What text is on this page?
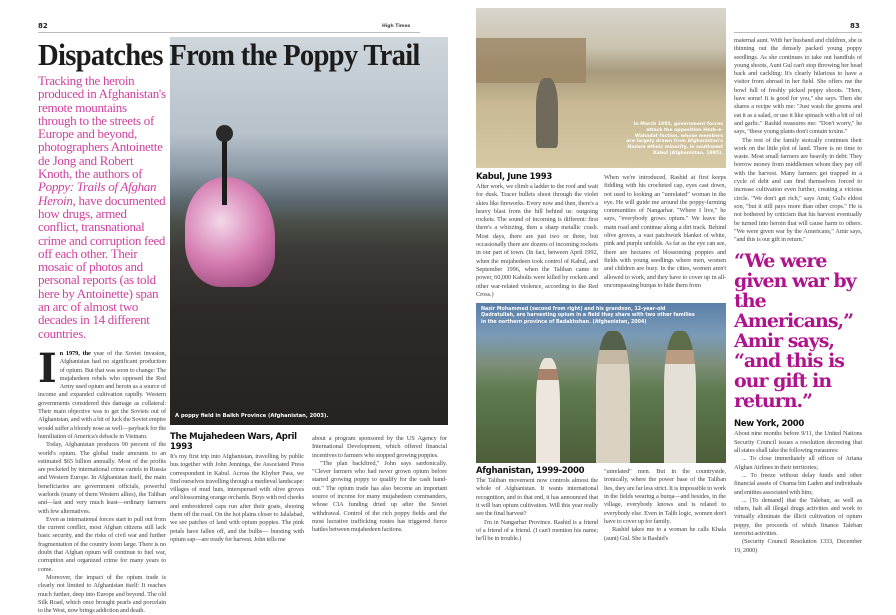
82	High Times
A poppy field in Balkh Province (Afghanistan, 2003).
Dispatches From the Poppy Trail
Tracking the heroin produced in Afghanistan's remote mountains through to the streets of Europe and beyond, photographers Antoinette de Jong and Robert Knoth, the authors of Poppy: Trails of Afghan Heroin, have documented how drugs, armed conflict, transnational crime and corruption feed off each other. Their mosaic of photos and personal reports (as told here by Antoinette) span an arc of almost two decades in 14 different countries.

In 1979, the year of the Soviet invasion, Afghanistan had no significant production of opium. But that was soon to change: The mujahedeen rebels who opposed the Red Army used opium and heroin as a source of income and expanded cultivation rapidly. Western governments considered this damage as collateral: Their main objective was to get the Soviets out of Afghanistan, and with a bit of luck the Soviet empire would suffer a bloody nose as well—payback for the humiliation of America's debacle in Vietnam.

Today, Afghanistan produces 90 percent of the world's opium. The global trade amounts to an estimated $65 billion annually. Most of the profits are pocketed by international crime cartels in Russia and Western Europe. In Afghanistan itself, the main beneficiaries are government officials, powerful warlords (many of them Western allies), the Taliban and—last and very much least—ordinary farmers with few alternatives.

Even as international forces start to pull out from the current conflict, most Afghan citizens still lack basic security, and the risks of civil war and further fragmentation of the country loom large. There is no doubt that Afghan opium will continue to fuel war, corruption and organized crime for many years to come.

Moreover, the impact of the opium trade is clearly not limited to Afghanistan itself: It reaches much further, deep into Europe and beyond. The old Silk Road, which once brought pearls and porcelain to the West, now brings addiction and death.

The Mujahedeen Wars, April 1993

It's my first trip into Afghanistan, travelling by public bus together with John Jennings, the Associated Press correspondent in Kabul. Across the Khyber Pass, we find ourselves travelling through a medieval landscape: villages of mud huts, interspersed with olive groves and blossoming orange orchards. Boys with red cheeks and embroidered caps run after their goats, shooing them off the road. On the hot plains closer to Jalalabad, we see patches of land with opium poppies. The pink petals have fallen off, and the bulbs— bursting with opium sap—are ready for harvest. John tells me

about a program sponsored by the US Agency for International Development, which offered financial incentives to farmers who stopped growing poppies.

"The plan backfired," John says sardonically. "Clever farmers who had never grown opium before started growing poppy to qualify for the cash hand-out." The opium trade has also become an important source of income for many mujahedeen commanders, whose CIA funding dried up after the Soviet withdrawal. Control of the rich poppy fields and the most lucrative trafficking routes has triggered fierce battles between mujahedeen factions.

In March 1995, government forces attack the opposition Hezb-e-Wahadat faction, whose members are largely drawn from Afghanistan's Hazara ethnic minority, in southwest Kabul (Afghanistan, 1995).
Kabul, June 1993

After work, we climb a ladder to the roof and wait for dusk. Tracer bullets shoot through the violet skies like fireworks. Every now and then, there's a heavy blast from the hill behind us: outgoing rockets. The sound of incoming is different: first there's a whizzing, then a sharp metallic crash. Most days, there are just two or three, but occasionally there are dozens of incoming rockets in our part of town. (In fact, between April 1992, when the mujahedeen took control of Kabul, and September 1996, when the Taliban came to power, 60,000 Kabulis were killed by rockets and other war-related violence, according to the Red Cross.)

When we're introduced, Rashid at first keeps fiddling with his crocheted cap, eyes cast down, not used to looking an "unrelated" woman in the eye. He will guide me around the poppy-farming communities of Nangarhar. "Where I live," he says, "everybody grows opium." We leave the main road and continue along a dirt track. Behind olive groves, a vast patchwork blanket of white, pink and purple unfolds. As far as the eye can see, there are hectares of blossoming poppies and fields with young seedlings where men, women and children are busy. In the cities, women aren't allowed to work, and they have to cover up in all-encompassing burqas to hide them from

Nazir Mohammed (second from right) and his grandson, 12-year-old Qadratullah, are harvesting opium in a field they share with two other families in the northern province of Badakhshan. (Afghanistan, 2004)
Afghanistan, 1999-2000

The Taliban movement now controls almost the whole of Afghanistan. It wants international recognition, and to that end, it has announced that it will ban opium cultivation. Will this year really see the final harvest?

I'm in Nangarhar Province. Rashid is a friend of a friend of a friend. (I can't mention his name; he'll be in trouble.)

"unrelated" men. But in the countryside, ironically, where the power base of the Taliban lies, they are far less strict. It is impossible to work in the fields wearing a burqa—and besides, in the village, everybody knows and is related to everybody else. Even in Talib logic, women don't have to cover up for family.

Rashid takes me to a woman he calls Khala (aunt) Gul. She is Rashid's

83

maternal aunt. With her husband and children, she is thinning out the densely packed young poppy seedlings. As she continues to take out handfuls of young shoots, Aunt Gul can't stop throwing her head back and cackling: It's clearly hilarious to have a visitor from abroad in her field. She offers me the bowl full of freshly picked poppy shoots. "Here, have some! It is good for you," she says. Then she shares a recipe with me: "Just wash the greens and eat it as a salad, or use it like spinach with a bit of oil and garlic." Rashid reassures me: "Don't worry," he says, "these young plants don't contain toxins."

The rest of the family stoically continues their work on the little plot of land. There is no time to waste. Most small farmers are heavily in debt: They borrow money from middlemen whom they pay off with the harvest. Many farmers get trapped in a cycle of debt and can find themselves forced to increase cultivation even further, creating a vicious circle. "We don't get rich," says Amir, Gul's eldest son, "but it still pays more than other crops." He is not bothered by criticism that his harvest eventually be turned into heroin that will cause harm to others. "We were given war by the Americans," Amir says, "and this is our gift in return."

“We were given war by the Americans,” Amir says, “and this is our gift in return.”
New York, 2000

About nine months before 9/11, the United Nations Security Council issues a resolution decreeing that all states shall take the following measures:

... To close immediately all offices of Ariana Afghan Airlines in their territories;

... To freeze without delay funds and other financial assets of Osama bin Laden and individuals and entities associated with him;

... [To demand] that the Taleban, as well as others, halt all illegal drugs activities and work to virtually eliminate the illicit cultivation of opium poppy, the proceeds of which finance Taleban terrorist activities.

(Security Council Resolution 1333, December 19, 2000)
